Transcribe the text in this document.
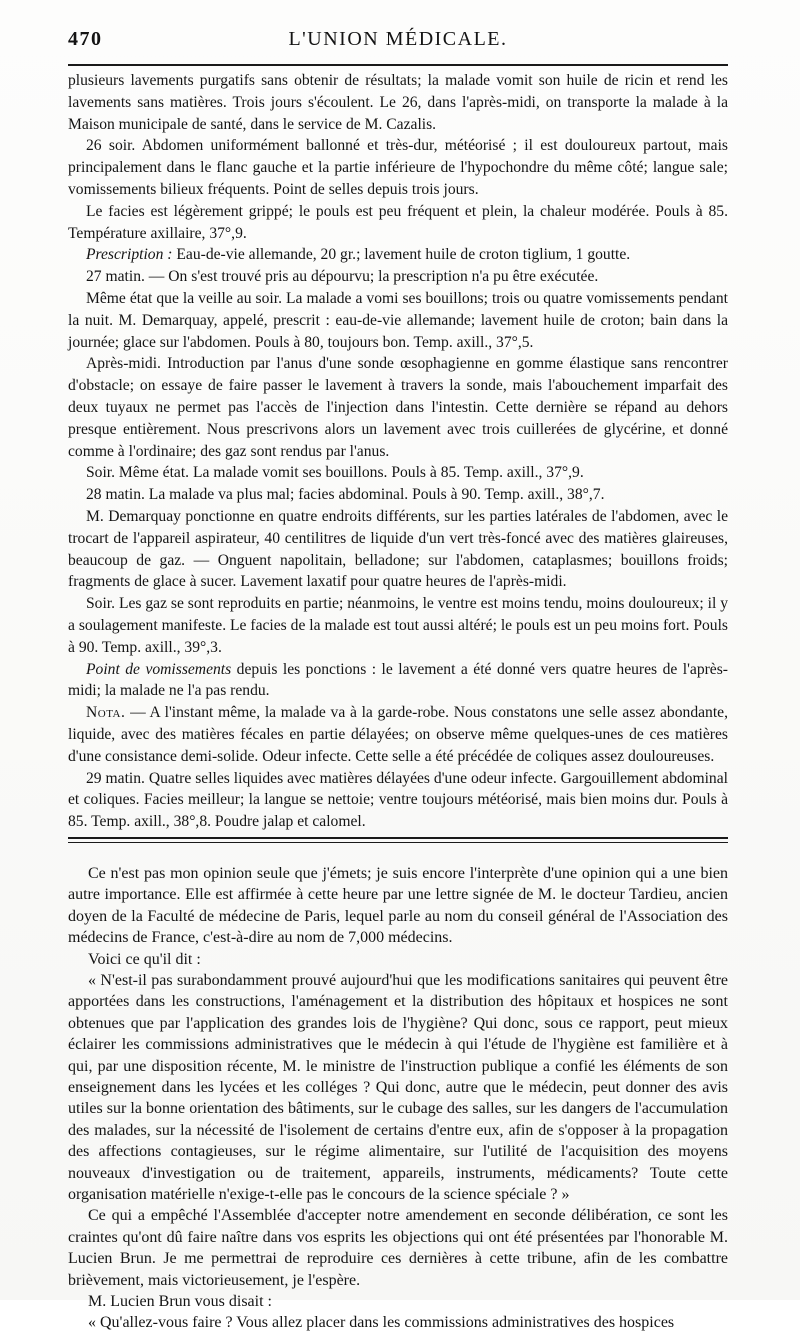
470	L'UNION MÉDICALE.

plusieurs lavements purgatifs sans obtenir de résultats; la malade vomit son huile de ricin et rend les lavements sans matières. Trois jours s'écoulent. Le 26, dans l'après-midi, on transporte la malade à la Maison municipale de santé, dans le service de M. Cazalis.

26 soir. Abdomen uniformément ballonné et très-dur, météorisé ; il est douloureux partout, mais principalement dans le flanc gauche et la partie inférieure de l'hypochondre du même côté; langue sale; vomissements bilieux fréquents. Point de selles depuis trois jours.

Le facies est légèrement grippé; le pouls est peu fréquent et plein, la chaleur modérée. Pouls à 85. Température axillaire, 37°,9.

Prescription : Eau-de-vie allemande, 20 gr.; lavement huile de croton tiglium, 1 goutte.

27 matin. — On s'est trouvé pris au dépourvu; la prescription n'a pu être exécutée.

Même état que la veille au soir. La malade a vomi ses bouillons; trois ou quatre vomissements pendant la nuit. M. Demarquay, appelé, prescrit : eau-de-vie allemande; lavement huile de croton; bain dans la journée; glace sur l'abdomen. Pouls à 80, toujours bon. Temp. axill., 37°,5.

Après-midi. Introduction par l'anus d'une sonde œsophagienne en gomme élastique sans rencontrer d'obstacle; on essaye de faire passer le lavement à travers la sonde, mais l'abouchement imparfait des deux tuyaux ne permet pas l'accès de l'injection dans l'intestin. Cette dernière se répand au dehors presque entièrement. Nous prescrivons alors un lavement avec trois cuillerées de glycérine, et donné comme à l'ordinaire; des gaz sont rendus par l'anus.

Soir. Même état. La malade vomit ses bouillons. Pouls à 85. Temp. axill., 37°,9.

28 matin. La malade va plus mal; facies abdominal. Pouls à 90. Temp. axill., 38°,7.

M. Demarquay ponctionne en quatre endroits différents, sur les parties latérales de l'abdomen, avec le trocart de l'appareil aspirateur, 40 centilitres de liquide d'un vert très-foncé avec des matières glaireuses, beaucoup de gaz. — Onguent napolitain, belladone; sur l'abdomen, cataplasmes; bouillons froids; fragments de glace à sucer. Lavement laxatif pour quatre heures de l'après-midi.

Soir. Les gaz se sont reproduits en partie; néanmoins, le ventre est moins tendu, moins douloureux; il y a soulagement manifeste. Le facies de la malade est tout aussi altéré; le pouls est un peu moins fort. Pouls à 90. Temp. axill., 39°,3.

Point de vomissements depuis les ponctions : le lavement a été donné vers quatre heures de l'après-midi; la malade ne l'a pas rendu.

Nota. — A l'instant même, la malade va à la garde-robe. Nous constatons une selle assez abondante, liquide, avec des matières fécales en partie délayées; on observe même quelques-unes de ces matières d'une consistance demi-solide. Odeur infecte. Cette selle a été précédée de coliques assez douloureuses.

29 matin. Quatre selles liquides avec matières délayées d'une odeur infecte. Gargouillement abdominal et coliques. Facies meilleur; la langue se nettoie; ventre toujours météorisé, mais bien moins dur. Pouls à 85. Temp. axill., 38°,8. Poudre jalap et calomel.

Ce n'est pas mon opinion seule que j'émets; je suis encore l'interprète d'une opinion qui a une bien autre importance. Elle est affirmée à cette heure par une lettre signée de M. le docteur Tardieu, ancien doyen de la Faculté de médecine de Paris, lequel parle au nom du conseil général de l'Association des médecins de France, c'est-à-dire au nom de 7,000 médecins.

Voici ce qu'il dit :

« N'est-il pas surabondamment prouvé aujourd'hui que les modifications sanitaires qui peuvent être apportées dans les constructions, l'aménagement et la distribution des hôpitaux et hospices ne sont obtenues que par l'application des grandes lois de l'hygiène? Qui donc, sous ce rapport, peut mieux éclairer les commissions administratives que le médecin à qui l'étude de l'hygiène est familière et à qui, par une disposition récente, M. le ministre de l'instruction publique a confié les éléments de son enseignement dans les lycées et les colléges ? Qui donc, autre que le médecin, peut donner des avis utiles sur la bonne orientation des bâtiments, sur le cubage des salles, sur les dangers de l'accumulation des malades, sur la nécessité de l'isolement de certains d'entre eux, afin de s'opposer à la propagation des affections contagieuses, sur le régime alimentaire, sur l'utilité de l'acquisition des moyens nouveaux d'investigation ou de traitement, appareils, instruments, médicaments? Toute cette organisation matérielle n'exige-t-elle pas le concours de la science spéciale ? »

Ce qui a empêché l'Assemblée d'accepter notre amendement en seconde délibération, ce sont les craintes qu'ont dû faire naître dans vos esprits les objections qui ont été présentées par l'honorable M. Lucien Brun. Je me permettrai de reproduire ces dernières à cette tribune, afin de les combattre brièvement, mais victorieusement, je l'espère.

M. Lucien Brun vous disait :

« Qu'allez-vous faire ? Vous allez placer dans les commissions administratives des hospices
